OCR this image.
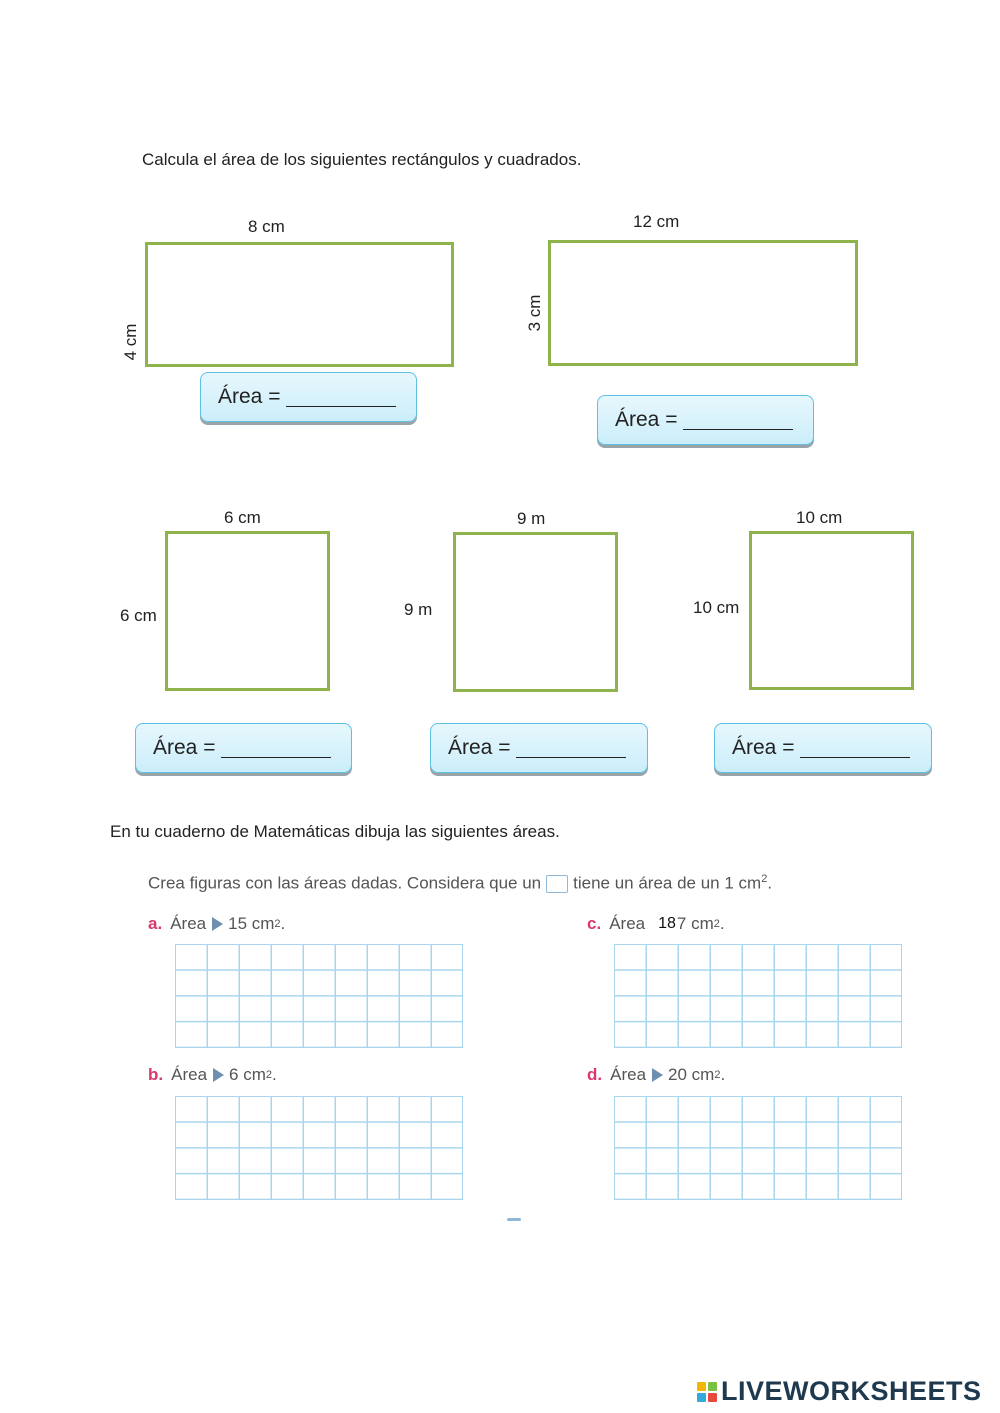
Calcula el área de los siguientes rectángulos y cuadrados.
8 cm
4 cm
Área =
12 cm
3 cm
Área =
6 cm
6 cm
Área =
9 m
9 m
Área =
10 cm
10 cm
Área =
En tu cuaderno de Matemáticas dibuja las siguientes áreas.
Crea figuras con las áreas dadas. Considera que un tiene un área de un 1 $cm^2$.
a. Área 15 cm 2 .
b. Área 6 cm 2 .
c. Área 18 7 cm 2 .
d. Área 20 cm 2 .
LIVEWORKSHEETS
